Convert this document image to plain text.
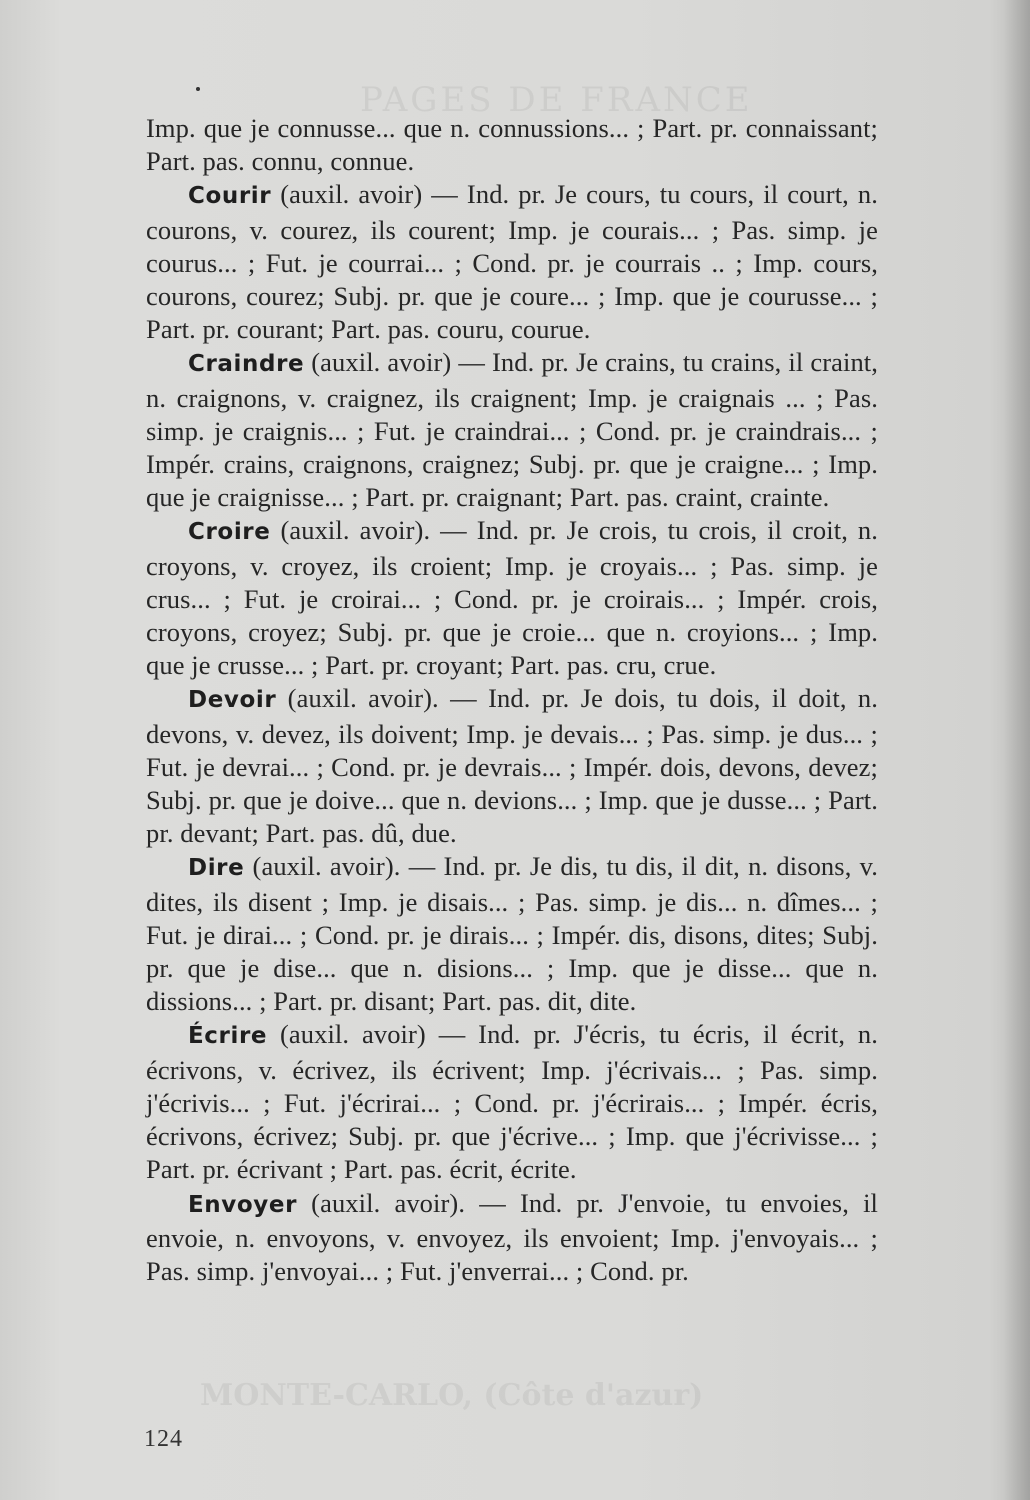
PAGES DE FRANCE
MONTE-CARLO, (Côte d'azur)

Imp. que je connusse... que n. connussions... ; Part. pr. connaissant; Part. pas. connu, connue.

Courir (auxil. avoir) — Ind. pr. Je cours, tu cours, il court, n. courons, v. courez, ils courent; Imp. je courais... ; Pas. simp. je courus... ; Fut. je courrai... ; Cond. pr. je courrais .. ; Imp. cours, courons, courez; Subj. pr. que je coure... ; Imp. que je courusse... ; Part. pr. courant; Part. pas. couru, courue.

Craindre (auxil. avoir) — Ind. pr. Je crains, tu crains, il craint, n. craignons, v. craignez, ils craignent; Imp. je craignais ... ; Pas. simp. je craignis... ; Fut. je craindrai... ; Cond. pr. je craindrais... ; Impér. crains, craignons, craignez; Subj. pr. que je craigne... ; Imp. que je craignisse... ; Part. pr. craignant; Part. pas. craint, crainte.

Croire (auxil. avoir). — Ind. pr. Je crois, tu crois, il croit, n. croyons, v. croyez, ils croient; Imp. je croyais... ; Pas. simp. je crus... ; Fut. je croirai... ; Cond. pr. je croirais... ; Impér. crois, croyons, croyez; Subj. pr. que je croie... que n. croyions... ; Imp. que je crusse... ; Part. pr. croyant; Part. pas. cru, crue.

Devoir (auxil. avoir). — Ind. pr. Je dois, tu dois, il doit, n. devons, v. devez, ils doivent; Imp. je devais... ; Pas. simp. je dus... ; Fut. je devrai... ; Cond. pr. je devrais... ; Impér. dois, devons, devez; Subj. pr. que je doive... que n. devions... ; Imp. que je dusse... ; Part. pr. devant; Part. pas. dû, due.

Dire (auxil. avoir). — Ind. pr. Je dis, tu dis, il dit, n. disons, v. dites, ils disent ; Imp. je disais... ; Pas. simp. je dis... n. dîmes... ; Fut. je dirai... ; Cond. pr. je dirais... ; Impér. dis, disons, dites; Subj. pr. que je dise... que n. disions... ; Imp. que je disse... que n. dissions... ; Part. pr. disant; Part. pas. dit, dite.

Écrire (auxil. avoir) — Ind. pr. J'écris, tu écris, il écrit, n. écrivons, v. écrivez, ils écrivent; Imp. j'écrivais... ; Pas. simp. j'écrivis... ; Fut. j'écrirai... ; Cond. pr. j'écrirais... ; Impér. écris, écrivons, écrivez; Subj. pr. que j'écrive... ; Imp. que j'écrivisse... ; Part. pr. écrivant ; Part. pas. écrit, écrite.

Envoyer (auxil. avoir). — Ind. pr. J'envoie, tu envoies, il envoie, n. envoyons, v. envoyez, ils envoient; Imp. j'envoyais... ; Pas. simp. j'envoyai... ; Fut. j'enverrai... ; Cond. pr.

124
